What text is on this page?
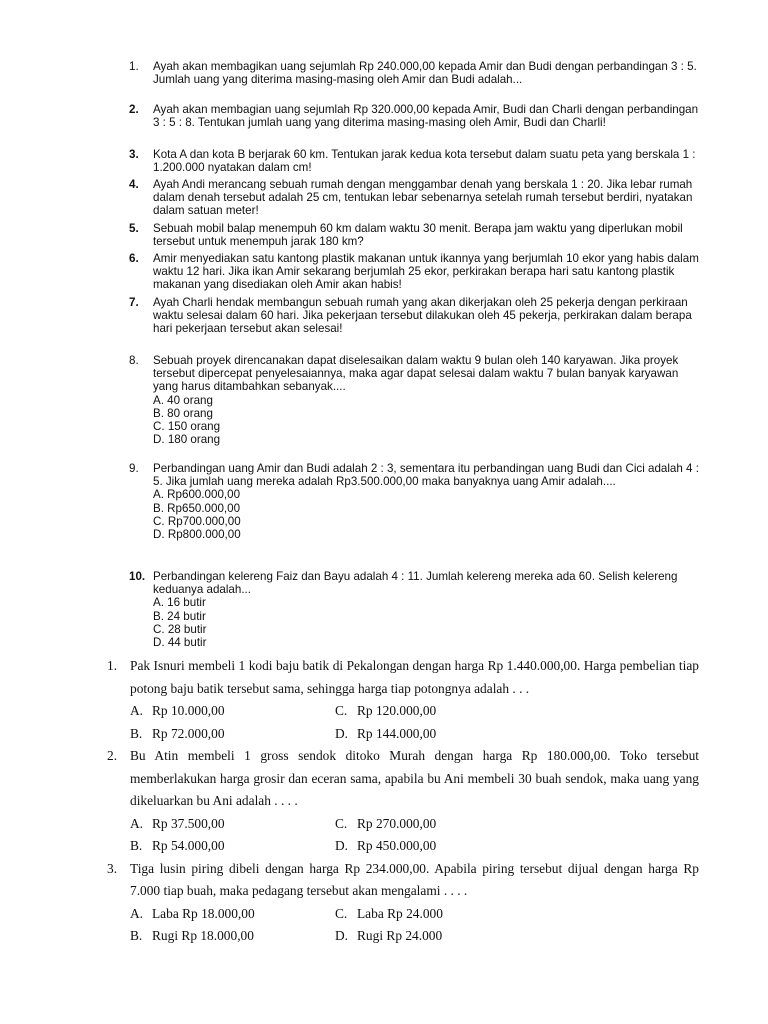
1.	Ayah akan membagikan uang sejumlah Rp 240.000,00 kepada Amir dan Budi dengan perbandingan 3 : 5. Jumlah uang yang diterima masing-masing oleh Amir dan Budi adalah...
2.	Ayah akan membagian uang sejumlah Rp 320.000,00 kepada Amir, Budi dan Charli dengan perbandingan 3 : 5 : 8. Tentukan jumlah uang yang diterima masing-masing oleh Amir, Budi dan Charli!
3.	Kota A dan kota B berjarak 60 km. Tentukan jarak kedua kota tersebut dalam suatu peta yang berskala 1 : 1.200.000 nyatakan dalam cm!
4.	Ayah Andi merancang sebuah rumah dengan menggambar denah yang berskala 1 : 20. Jika lebar rumah dalam denah tersebut adalah 25 cm, tentukan lebar sebenarnya setelah rumah tersebut berdiri, nyatakan dalam satuan meter!
5.	Sebuah mobil balap menempuh 60 km dalam waktu 30 menit. Berapa jam waktu yang diperlukan mobil tersebut untuk menempuh jarak 180 km?
6.	Amir menyediakan satu kantong plastik makanan untuk ikannya yang berjumlah 10 ekor yang habis dalam waktu 12 hari. Jika ikan Amir sekarang berjumlah 25 ekor, perkirakan berapa hari satu kantong plastik makanan yang disediakan oleh Amir akan habis!
7.	Ayah Charli hendak membangun sebuah rumah yang akan dikerjakan oleh 25 pekerja dengan perkiraan waktu selesai dalam 60 hari. Jika pekerjaan tersebut dilakukan oleh 45 pekerja, perkirakan dalam berapa hari pekerjaan tersebut akan selesai!
8.	Sebuah proyek direncanakan dapat diselesaikan dalam waktu 9 bulan oleh 140 karyawan. Jika proyek tersebut dipercepat penyelesaiannya, maka agar dapat selesai dalam waktu 7 bulan banyak karyawan yang harus ditambahkan sebanyak....
A. 40 orang
B. 80 orang
C. 150 orang
D. 180 orang
9.	Perbandingan uang Amir dan Budi adalah 2 : 3, sementara itu perbandingan uang Budi dan Cici adalah 4 : 5. Jika jumlah uang mereka adalah Rp3.500.000,00 maka banyaknya uang Amir adalah....
A. Rp600.000,00
B. Rp650.000,00
C. Rp700.000,00
D. Rp800.000,00
10. Perbandingan kelereng Faiz dan Bayu adalah 4 : 11. Jumlah kelereng mereka ada 60. Selish kelereng keduanya adalah...
A. 16 butir
B. 24 butir
C. 28 butir
D. 44 butir
1. Pak Isnuri membeli 1 kodi baju batik di Pekalongan dengan harga Rp 1.440.000,00. Harga pembelian tiap potong baju batik tersebut sama, sehingga harga tiap potongnya adalah . . .
A. Rp 10.000,00	C. Rp 120.000,00
B. Rp 72.000,00	D. Rp 144.000,00
2. Bu Atin membeli 1 gross sendok ditoko Murah dengan harga Rp 180.000,00. Toko tersebut memberlakukan harga grosir dan eceran sama, apabila bu Ani membeli 30 buah sendok, maka uang yang dikeluarkan bu Ani adalah . . . .
A. Rp 37.500,00	C. Rp 270.000,00
B. Rp 54.000,00	D. Rp 450.000,00
3. Tiga lusin piring dibeli dengan harga Rp 234.000,00. Apabila piring tersebut dijual dengan harga Rp 7.000 tiap buah, maka pedagang tersebut akan mengalami . . . .
A. Laba Rp 18.000,00	C. Laba Rp 24.000
B. Rugi Rp 18.000,00	D. Rugi Rp 24.000
